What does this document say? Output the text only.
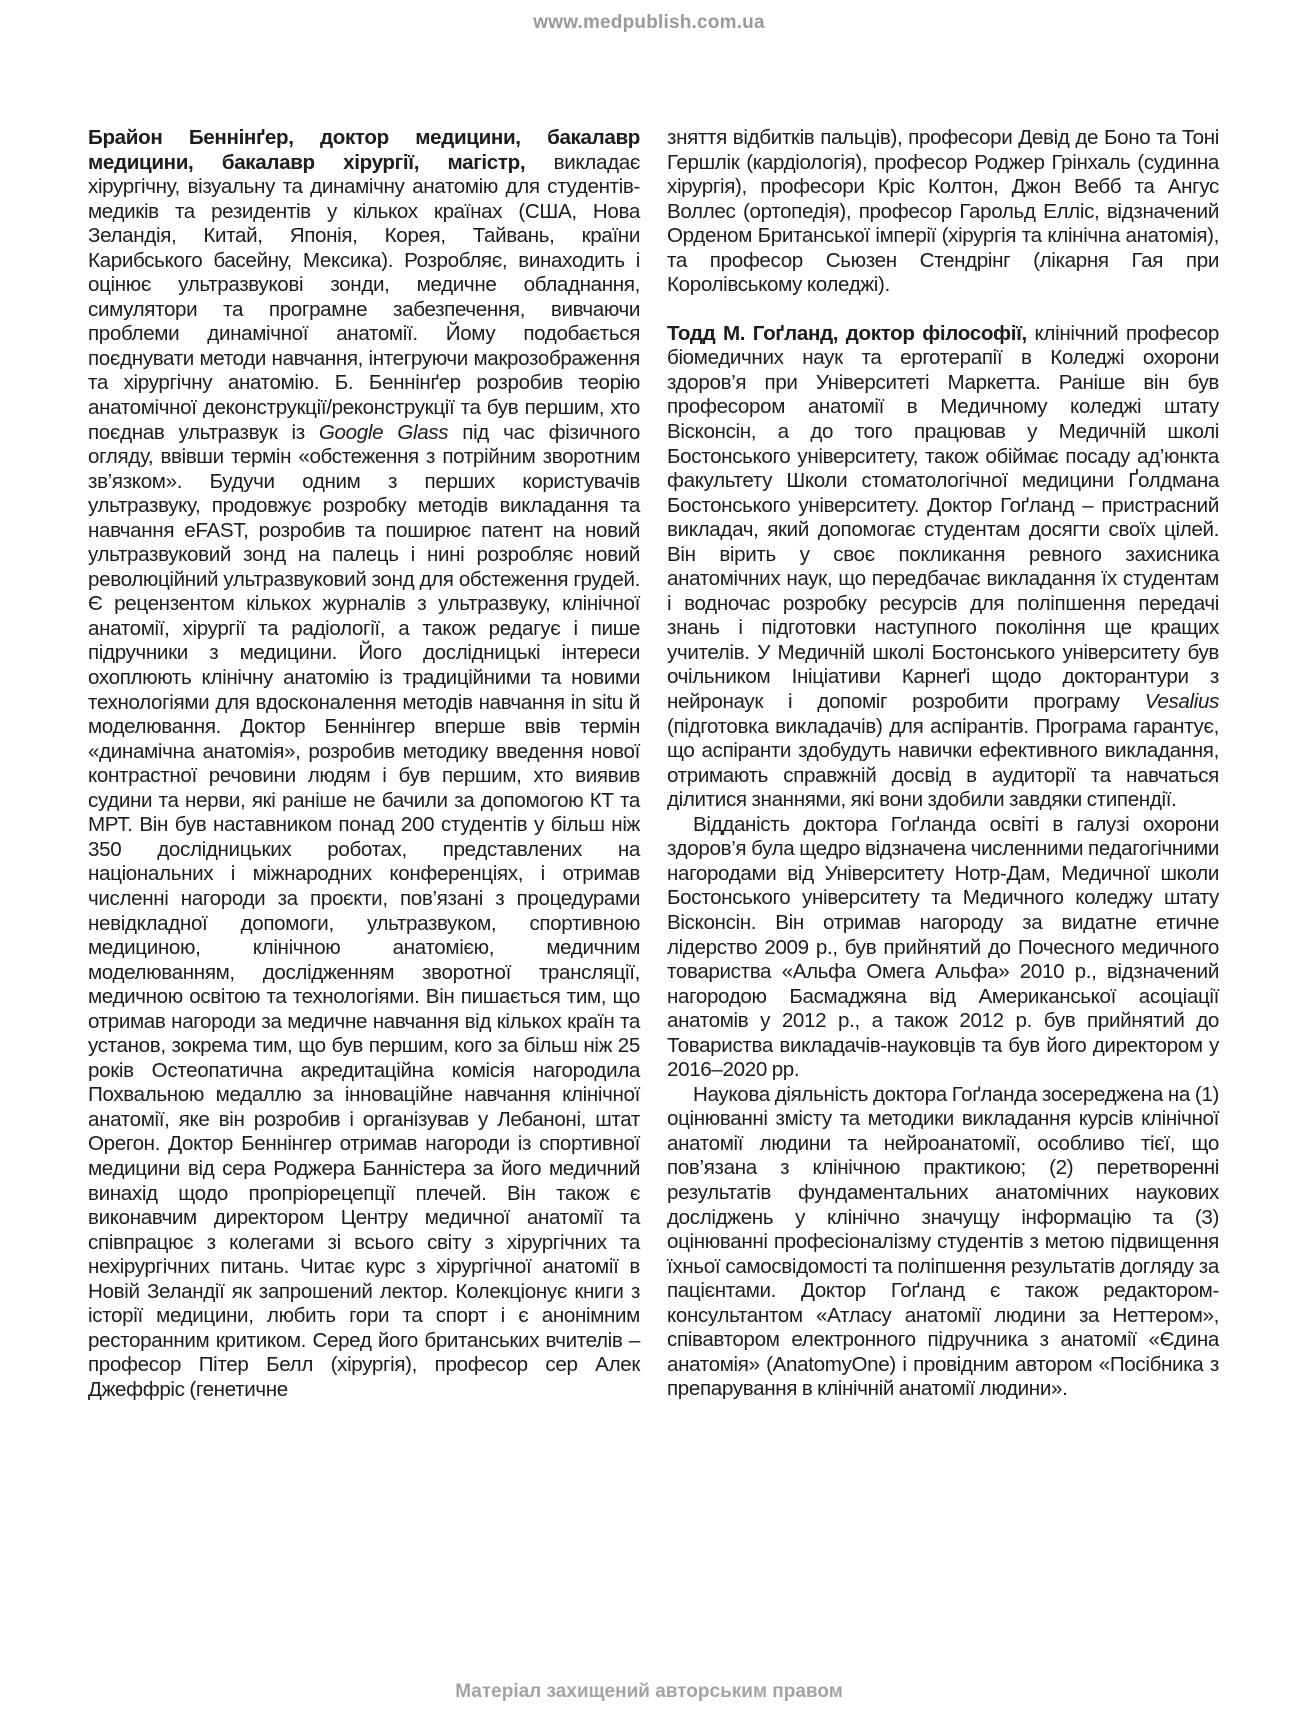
www.medpublish.com.ua

Брайон Беннінґер, доктор медицини, бакалавр медицини, бакалавр хірургії, магістр, викладає хірургічну, візуальну та динамічну анатомію для студентів-медиків та резидентів у кількох країнах (США, Нова Зеландія, Китай, Японія, Корея, Тайвань, країни Карибського басейну, Мексика). Розробляє, винаходить і оцінює ультразвукові зонди, медичне обладнання, симулятори та програмне забезпечення, вивчаючи проблеми динамічної анатомії. Йому подобається поєднувати методи навчання, інтегруючи макрозображення та хірургічну анатомію. Б. Беннінґер розробив теорію анатомічної деконструкції/реконструкції та був першим, хто поєднав ультразвук із Google Glass під час фізичного огляду, ввівши термін «обстеження з потрійним зворотним зв’язком». Будучи одним з перших користувачів ультразвуку, продовжує розробку методів викладання та навчання eFAST, розробив та поширює патент на новий ультразвуковий зонд на палець і нині розробляє новий революційний ультразвуковий зонд для обстеження грудей. Є рецензентом кількох журналів з ультразвуку, клінічної анатомії, хірургії та радіології, а також редагує і пише підручники з медицини. Його дослідницькі інтереси охоплюють клінічну анатомію із традиційними та новими технологіями для вдосконалення методів навчання in situ й моделювання. Доктор Беннінгер вперше ввів термін «динамічна анатомія», розробив методику введення нової контрастної речовини людям і був першим, хто виявив судини та нерви, які раніше не бачили за допомогою КТ та МРТ. Він був наставником понад 200 студентів у більш ніж 350 дослідницьких роботах, представлених на національних і міжнародних конференціях, і отримав численні нагороди за проєкти, пов’язані з процедурами невідкладної допомоги, ультразвуком, спортивною медициною, клінічною анатомією, медичним моделюванням, дослідженням зворотної трансляції, медичною освітою та технологіями. Він пишається тим, що отримав нагороди за медичне навчання від кількох країн та установ, зокрема тим, що був першим, кого за більш ніж 25 років Остеопатична акредитаційна комісія нагородила Похвальною медаллю за інноваційне навчання клінічної анатомії, яке він розробив і організував у Лебаноні, штат Орегон. Доктор Беннінгер отримав нагороди із спортивної медицини від сера Роджера Банністера за його медичний винахід щодо пропріорецепції плечей. Він також є виконавчим директором Центру медичної анатомії та співпрацює з колегами зі всього світу з хірургічних та нехірургічних питань. Читає курс з хірургічної анатомії в Новій Зеландії як запрошений лектор. Колекціонує книги з історії медицини, любить гори та спорт і є анонімним ресторанним критиком. Серед його британських вчителів – професор Пітер Белл (хірургія), професор сер Алек Джеффріс (генетичне

зняття відбитків пальців), професори Девід де Боно та Тоні Гершлік (кардіологія), професор Роджер Грінхаль (судинна хірургія), професори Кріс Колтон, Джон Вебб та Ангус Воллес (ортопедія), професор Гарольд Елліс, відзначений Орденом Британської імперії (хірургія та клінічна анатомія), та професор Сьюзен Стендрінг (лікарня Гая при Королівському коледжі).

Тодд М. Гоґланд, доктор філософії, клінічний професор біомедичних наук та ерготерапії в Коледжі охорони здоров’я при Університеті Маркетта. Раніше він був професором анатомії в Медичному коледжі штату Вісконсін, а до того працював у Медичній школі Бостонського університету, також обіймає посаду ад’юнкта факультету Школи стоматологічної медицини Ґолдмана Бостонського університету. Доктор Гоґланд – пристрасний викладач, який допомогає студентам досягти своїх цілей. Він вірить у своє покликання ревного захисника анатомічних наук, що передбачає викладання їх студентам і водночас розробку ресурсів для поліпшення передачі знань і підготовки наступного покоління ще кращих учителів. У Медичній школі Бостонського університету був очільником Ініціативи Карнеґі щодо докторантури з нейронаук і допоміг розробити програму Vesalius (підготовка викладачів) для аспірантів. Програма гарантує, що аспіранти здобудуть навички ефективного викладання, отримають справжній досвід в аудиторії та навчаться ділитися знаннями, які вони здобили завдяки стипендії.

Відданість доктора Гоґланда освіті в галузі охорони здоров’я була щедро відзначена численними педагогічними нагородами від Університету Нотр-Дам, Медичної школи Бостонського університету та Медичного коледжу штату Вісконсін. Він отримав нагороду за видатне етичне лідерство 2009 р., був прийнятий до Почесного медичного товариства «Альфа Омега Альфа» 2010 р., відзначений нагородою Басмаджяна від Американської асоціації анатомів у 2012 р., а також 2012 р. був прийнятий до Товариства викладачів-науковців та був його директором у 2016–2020 рр.

Наукова діяльність доктора Гоґланда зосереджена на (1) оцінюванні змісту та методики викладання курсів клінічної анатомії людини та нейроанатомії, особливо тієї, що пов’язана з клінічною практикою; (2) перетворенні результатів фундаментальних анатомічних наукових досліджень у клінічно значущу інформацію та (3) оцінюванні професіоналізму студентів з метою підвищення їхньої самосвідомості та поліпшення результатів догляду за пацієнтами. Доктор Гоґланд є також редактором-консультантом «Атласу анатомії людини за Неттером», співавтором електронного підручника з анатомії «Єдина анатомія» (AnatomyOne) і провідним автором «Посібника з препарування в клінічній анатомії людини».

Матеріал захищений авторським правом
